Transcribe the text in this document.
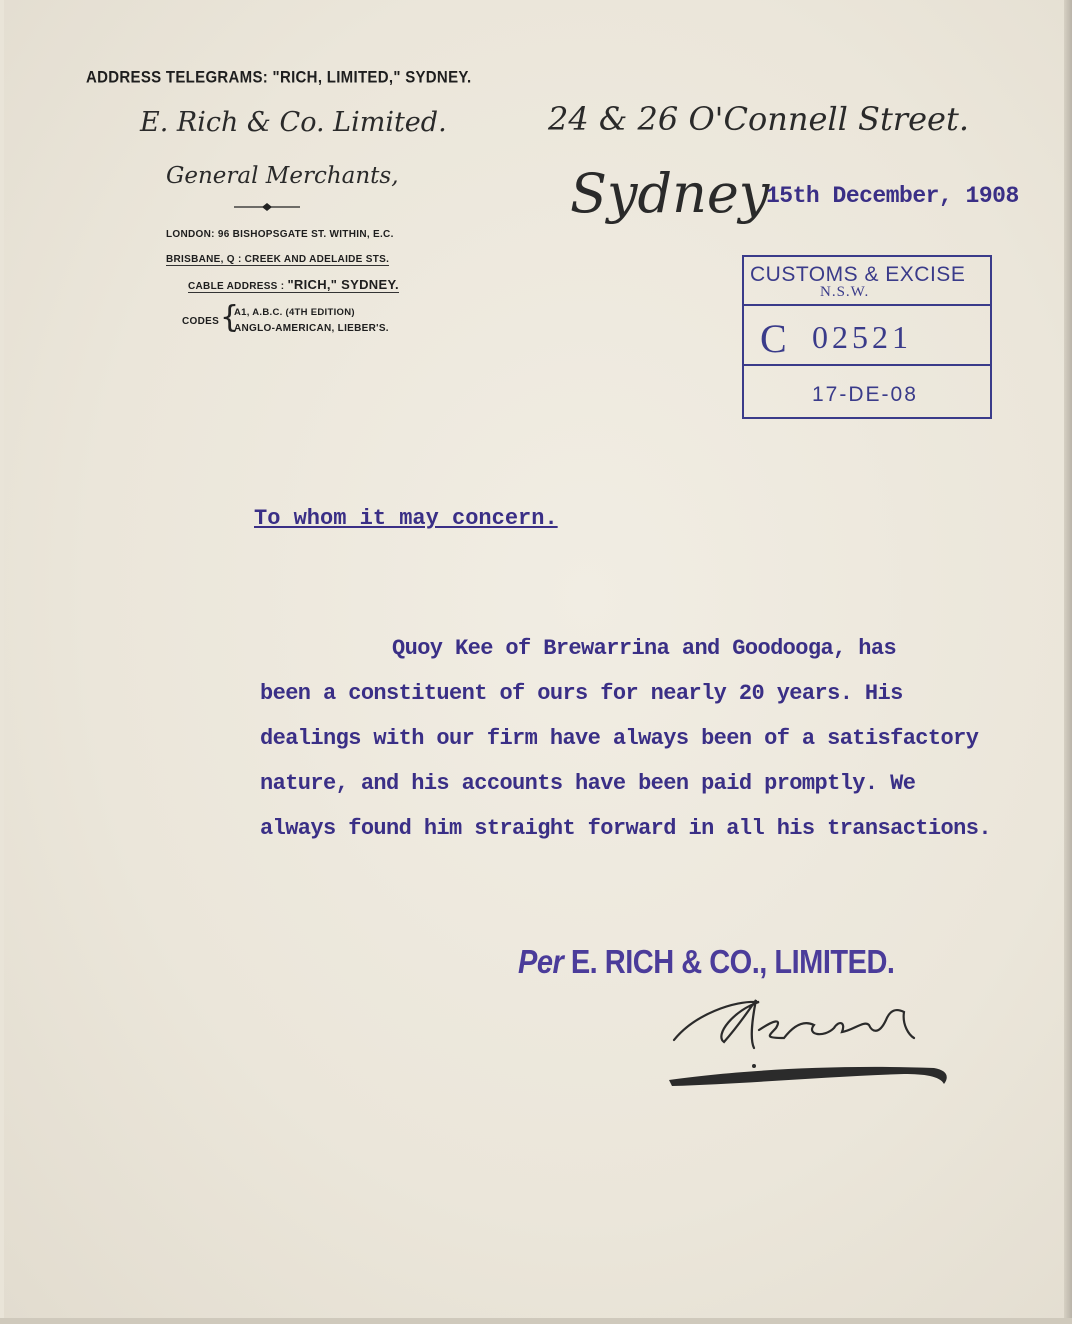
ADDRESS TELEGRAMS: "RICH, LIMITED," SYDNEY.
E. Rich & Co. Limited.	24 & 26 O'Connell Street.
General Merchants,	Sydney
15th December, 1908
LONDON: 96 BISHOPSGATE ST. WITHIN, E.C.
BRISBANE, Q : CREEK AND ADELAIDE STS.
CABLE ADDRESS : "RICH," SYDNEY.
CODES {
A1, A.B.C. (4TH EDITION)
ANGLO-AMERICAN, LIEBER'S.
CUSTOMS & EXCISE
N.S.W.
C 02521
17-DE-08
To whom it may concern.
Quoy Kee of Brewarrina and Goodooga, has
been a constituent of ours for nearly 20 years. His
dealings with our firm have always been of a satisfactory
nature, and his accounts have been paid promptly. We
always found him straight forward in all his transactions.
Per E. RICH & CO., LIMITED.
